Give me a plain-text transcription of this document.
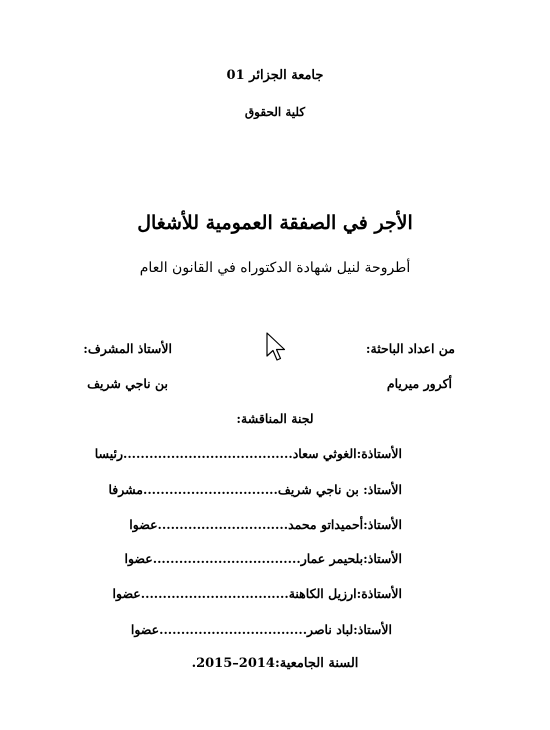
جامعة الجزائر 01
كلية الحقوق
الأجر في الصفقة العمومية للأشغال
أطروحة لنيل شهادة الدكتوراه في القانون العام
من اعداد الباحثة:
أكرور ميريام
الأستاذ المشرف:
بن ناجي شريف
لجنة المناقشة:
الأستاذة:الغوثي سعاد.......................................رئيسا
الأستاذ: بن ناجي شريف...............................مشرفا
الأستاذ:أحميداتو محمد..............................عضوا
الأستاذ:بلحيمر عمار..................................عضوا
الأستاذة:ارزيل الكاهنة..................................عضوا
الأستاذ:لباد ناصر..................................عضوا
السنة الجامعية:2014–2015.
